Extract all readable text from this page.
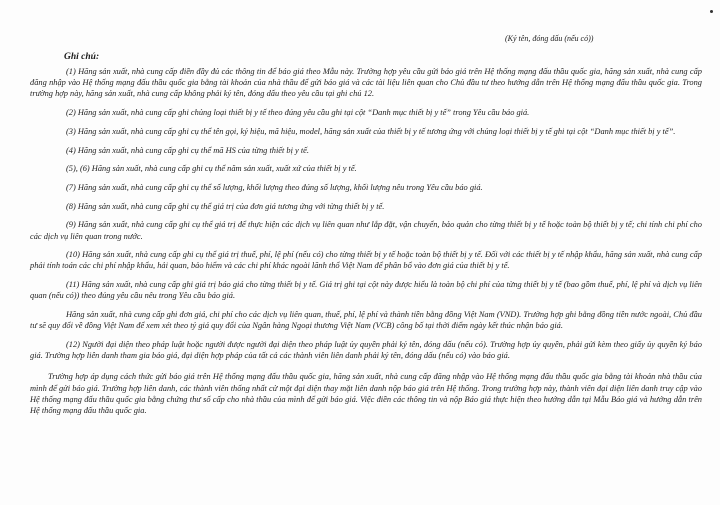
(Ký tên, đóng dấu (nếu có))
Ghi chú:

(1) Hãng sản xuất, nhà cung cấp điền đầy đủ các thông tin để báo giá theo Mẫu này. Trường hợp yêu cầu gửi báo giá trên Hệ thống mạng đấu thầu quốc gia, hãng sản xuất, nhà cung cấp đăng nhập vào Hệ thống mạng đấu thầu quốc gia bằng tài khoản của nhà thầu để gửi báo giá và các tài liệu liên quan cho Chủ đầu tư theo hướng dẫn trên Hệ thống mạng đấu thầu quốc gia. Trong trường hợp này, hãng sản xuất, nhà cung cấp không phải ký tên, đóng dấu theo yêu cầu tại ghi chú 12.

(2) Hãng sản xuất, nhà cung cấp ghi chủng loại thiết bị y tế theo đúng yêu cầu ghi tại cột “Danh mục thiết bị y tế” trong Yêu cầu báo giá.

(3) Hãng sản xuất, nhà cung cấp ghi cụ thể tên gọi, ký hiệu, mã hiệu, model, hãng sản xuất của thiết bị y tế tương ứng với chủng loại thiết bị y tế ghi tại cột “Danh mục thiết bị y tế”.

(4) Hãng sản xuất, nhà cung cấp ghi cụ thể mã HS của từng thiết bị y tế.

(5), (6) Hãng sản xuất, nhà cung cấp ghi cụ thể năm sản xuất, xuất xứ của thiết bị y tế.

(7) Hãng sản xuất, nhà cung cấp ghi cụ thể số lượng, khối lượng theo đúng số lượng, khối lượng nêu trong Yêu cầu báo giá.

(8) Hãng sản xuất, nhà cung cấp ghi cụ thể giá trị của đơn giá tương ứng với từng thiết bị y tế.

(9) Hãng sản xuất, nhà cung cấp ghi cụ thể giá trị để thực hiện các dịch vụ liên quan như lắp đặt, vận chuyển, bảo quản cho từng thiết bị y tế hoặc toàn bộ thiết bị y tế; chi tính chi phí cho các dịch vụ liên quan trong nước.

(10) Hãng sản xuất, nhà cung cấp ghi cụ thể giá trị thuế, phí, lệ phí (nếu có) cho từng thiết bị y tế hoặc toàn bộ thiết bị y tế. Đối với các thiết bị y tế nhập khẩu, hãng sản xuất, nhà cung cấp phải tính toán các chi phí nhập khẩu, hải quan, bảo hiểm và các chi phí khác ngoài lãnh thổ Việt Nam để phân bổ vào đơn giá của thiết bị y tế.

(11) Hãng sản xuất, nhà cung cấp ghi giá trị báo giá cho từng thiết bị y tế. Giá trị ghi tại cột này được hiểu là toàn bộ chi phí của từng thiết bị y tế (bao gồm thuế, phí, lệ phí và dịch vụ liên quan (nếu có)) theo đúng yêu cầu nêu trong Yêu cầu báo giá.

Hãng sản xuất, nhà cung cấp ghi đơn giá, chi phí cho các dịch vụ liên quan, thuế, phí, lệ phí và thành tiền bằng đồng Việt Nam (VND). Trường hợp ghi bằng đồng tiền nước ngoài, Chủ đầu tư sẽ quy đổi về đồng Việt Nam để xem xét theo tỷ giá quy đổi của Ngân hàng Ngoại thương Việt Nam (VCB) công bố tại thời điểm ngày kết thúc nhận báo giá.

(12) Người đại diện theo pháp luật hoặc người được người đại diện theo pháp luật ủy quyền phải ký tên, đóng dấu (nếu có). Trường hợp ủy quyền, phải gửi kèm theo giấy ủy quyền ký báo giá. Trường hợp liên danh tham gia báo giá, đại diện hợp pháp của tất cả các thành viên liên danh phải ký tên, đóng dấu (nếu có) vào báo giá.

Trường hợp áp dụng cách thức gửi báo giá trên Hệ thống mạng đấu thầu quốc gia, hãng sản xuất, nhà cung cấp đăng nhập vào Hệ thống mạng đấu thầu quốc gia bằng tài khoản nhà thầu của mình để gửi báo giá. Trường hợp liên danh, các thành viên thống nhất cử một đại diện thay mặt liên danh nộp báo giá trên Hệ thống. Trong trường hợp này, thành viên đại diện liên danh truy cập vào Hệ thống mạng đấu thầu quốc gia bằng chứng thư số cấp cho nhà thầu của mình để gửi báo giá. Việc điền các thông tin và nộp Báo giá thực hiện theo hướng dẫn tại Mẫu Báo giá và hướng dẫn trên Hệ thống mạng đấu thầu quốc gia.
